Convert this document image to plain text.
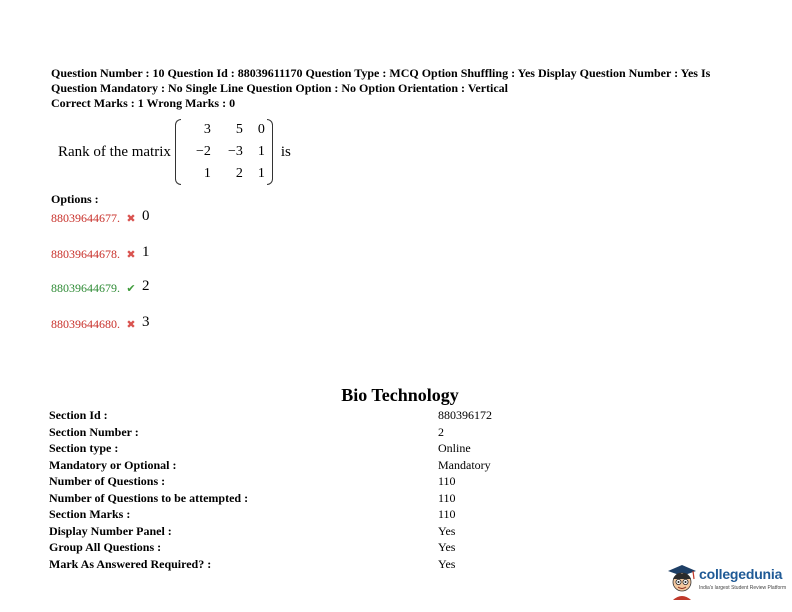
Question Number : 10 Question Id : 88039611170 Question Type : MCQ Option Shuffling : Yes Display Question Number : Yes Is
Question Mandatory : No Single Line Question Option : No Option Orientation : Vertical
Correct Marks : 1 Wrong Marks : 0
Rank of the matrix
3 5 0
−2 −3 1
1 2 1
is
Options :
88039644677. ✖ 0
88039644678. ✖ 1
88039644679. ✔ 2
88039644680. ✖ 3
Bio Technology
Section Id :	880396172
Section Number :	2
Section type :	Online
Mandatory or Optional :	Mandatory
Number of Questions :	110
Number of Questions to be attempted :	110
Section Marks :	110
Display Number Panel :	Yes
Group All Questions :	Yes
Mark As Answered Required? :	Yes
collegedunia
India's largest Student Review Platform
